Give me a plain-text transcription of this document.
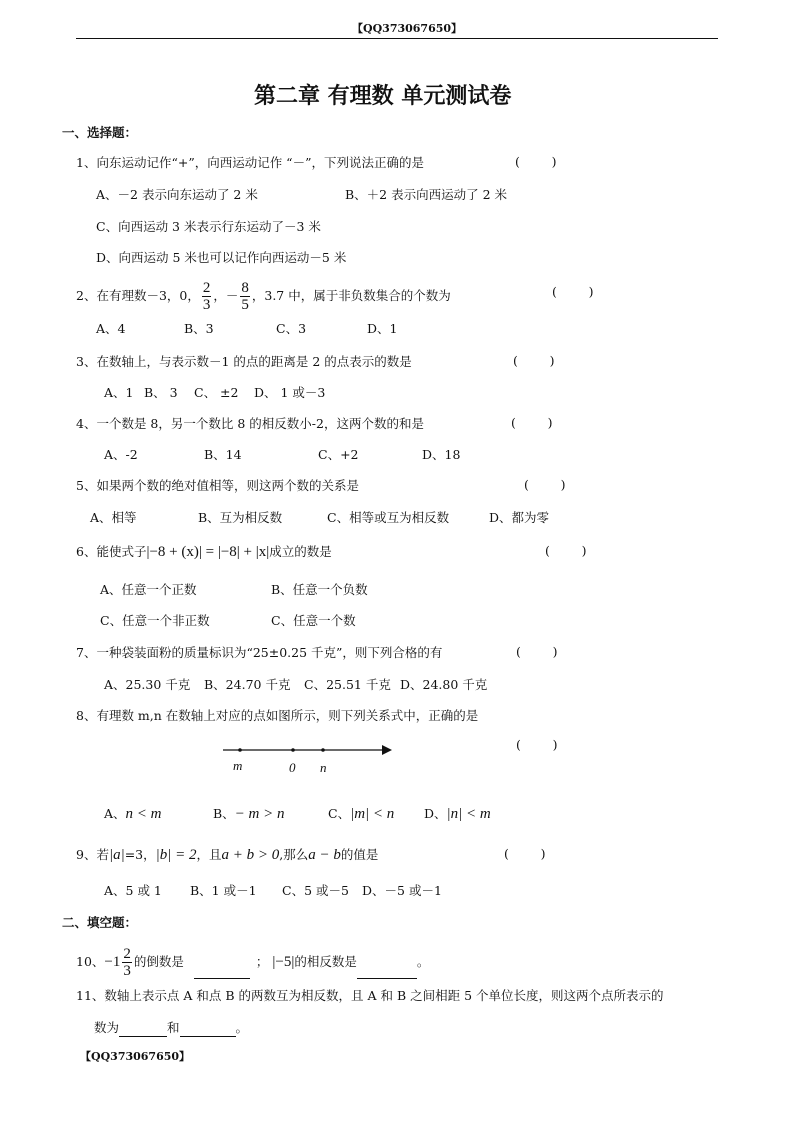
【QQ373067650】
第二章 有理数 单元测试卷
一、选择题：
1、向东运动记作“+”，向西运动记作 “－”，下列说法正确的是	(        )
A、－2 表示向东运动了 2 米	B、＋2 表示向西运动了 2 米
C、向西运动 3 米表示行东运动了－3 米
D、向西运动 5 米也可以记作向西运动－5 米
2、在有理数－3，0， $\frac{2}{3}$ ，－ $\frac{8}{5}$ ，3.7 中，属于非负数集合的个数为	(        )
A、4	B、3	C、3	D、1
3、在数轴上，与表示数－1 的点的距离是 2 的点表示的数是	(        )
A、1 B、 3 C、 ±2 D、 1 或－3
4、一个数是 8，另一个数比 8 的相反数小-2，这两个数的和是	(        )
A、-2	B、14	C、+2	D、18
5、如果两个数的绝对值相等，则这两个数的关系是	(        )
A、相等	B、互为相反数	C、相等或互为相反数	D、都为零
6、能使式子|−8 + (x)| = |−8| + |x|成立的数是	(        )
A、任意一个正数	B、任意一个负数
C、任意一个非正数	C、任意一个数
7、一种袋装面粉的质量标识为“25±0.25 千克”，则下列合格的有	(        )
A、25.30 千克 B、24.70 千克 C、25.51 千克 D、24.80 千克
8、有理数 m,n 在数轴上对应的点如图所示，则下列关系式中，正确的是
(        )
m	0 n
A、n < m	B、− m > n	C、|m| < n D、|n| < m
9、若|a|=3，|b| = 2，且a + b > 0,那么a − b的值是	(        )
A、5 或 1 B、1 或－1 C、5 或－5 D、－5 或－1
二、填空题：
10、$-1 \frac{2}{3}$ 的倒数是	； |−5|的相反数是	。
11、数轴上表示点 A 和点 B 的两数互为相反数，且 A 和 B 之间相距 5 个单位长度，则这两个点所表示的
数为	和	。
【QQ373067650】
